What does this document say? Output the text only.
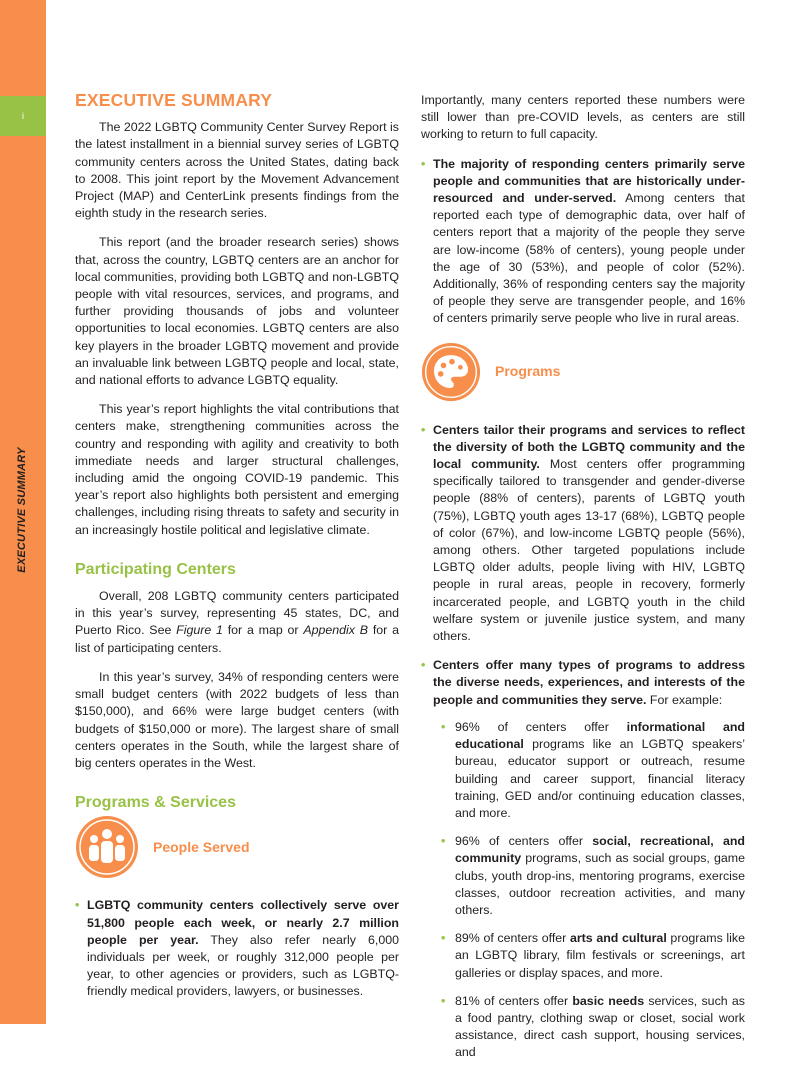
i
EXECUTIVE SUMMARY
EXECUTIVE SUMMARY

The 2022 LGBTQ Community Center Survey Report is the latest installment in a biennial survey series of LGBTQ community centers across the United States, dating back to 2008. This joint report by the Movement Advancement Project (MAP) and CenterLink presents findings from the eighth study in the research series.

This report (and the broader research series) shows that, across the country, LGBTQ centers are an anchor for local communities, providing both LGBTQ and non-LGBTQ people with vital resources, services, and programs, and further providing thousands of jobs and volunteer opportunities to local economies. LGBTQ centers are also key players in the broader LGBTQ movement and provide an invaluable link between LGBTQ people and local, state, and national efforts to advance LGBTQ equality.

This year’s report highlights the vital contributions that centers make, strengthening communities across the country and responding with agility and creativity to both immediate needs and larger structural challenges, including amid the ongoing COVID-19 pandemic. This year’s report also highlights both persistent and emerging challenges, including rising threats to safety and security in an increasingly hostile political and legislative climate.

Participating Centers

Overall, 208 LGBTQ community centers participated in this year’s survey, representing 45 states, DC, and Puerto Rico. See Figure 1 for a map or Appendix B for a list of participating centers.

In this year’s survey, 34% of responding centers were small budget centers (with 2022 budgets of less than $150,000), and 66% were large budget centers (with budgets of $150,000 or more). The largest share of small centers operates in the South, while the largest share of big centers operates in the West.

Programs & Services
People Served
• LGBTQ community centers collectively serve over 51,800 people each week, or nearly 2.7 million people per year. They also refer nearly 6,000 individuals per week, or roughly 312,000 people per year, to other agencies or providers, such as LGBTQ-friendly medical providers, lawyers, or businesses.

Importantly, many centers reported these numbers were still lower than pre-COVID levels, as centers are still working to return to full capacity.

• The majority of responding centers primarily serve people and communities that are historically under-resourced and under-served. Among centers that reported each type of demographic data, over half of centers report that a majority of the people they serve are low-income (58% of centers), young people under the age of 30 (53%), and people of color (52%). Additionally, 36% of responding centers say the majority of people they serve are transgender people, and 16% of centers primarily serve people who live in rural areas.
Programs
• Centers tailor their programs and services to reflect the diversity of both the LGBTQ community and the local community. Most centers offer programming specifically tailored to transgender and gender-diverse people (88% of centers), parents of LGBTQ youth (75%), LGBTQ youth ages 13-17 (68%), LGBTQ people of color (67%), and low-income LGBTQ people (56%), among others. Other targeted populations include LGBTQ older adults, people living with HIV, LGBTQ people in rural areas, people in recovery, formerly incarcerated people, and LGBTQ youth in the child welfare system or juvenile justice system, and many others.
• Centers offer many types of programs to address the diverse needs, experiences, and interests of the people and communities they serve. For example:
• 96% of centers offer informational and educational programs like an LGBTQ speakers’ bureau, educator support or outreach, resume building and career support, financial literacy training, GED and/or continuing education classes, and more.
• 96% of centers offer social, recreational, and community programs, such as social groups, game clubs, youth drop-ins, mentoring programs, exercise classes, outdoor recreation activities, and many others.
• 89% of centers offer arts and cultural programs like an LGBTQ library, film festivals or screenings, art galleries or display spaces, and more.
• 81% of centers offer basic needs services, such as a food pantry, clothing swap or closet, social work assistance, direct cash support, housing services, and
